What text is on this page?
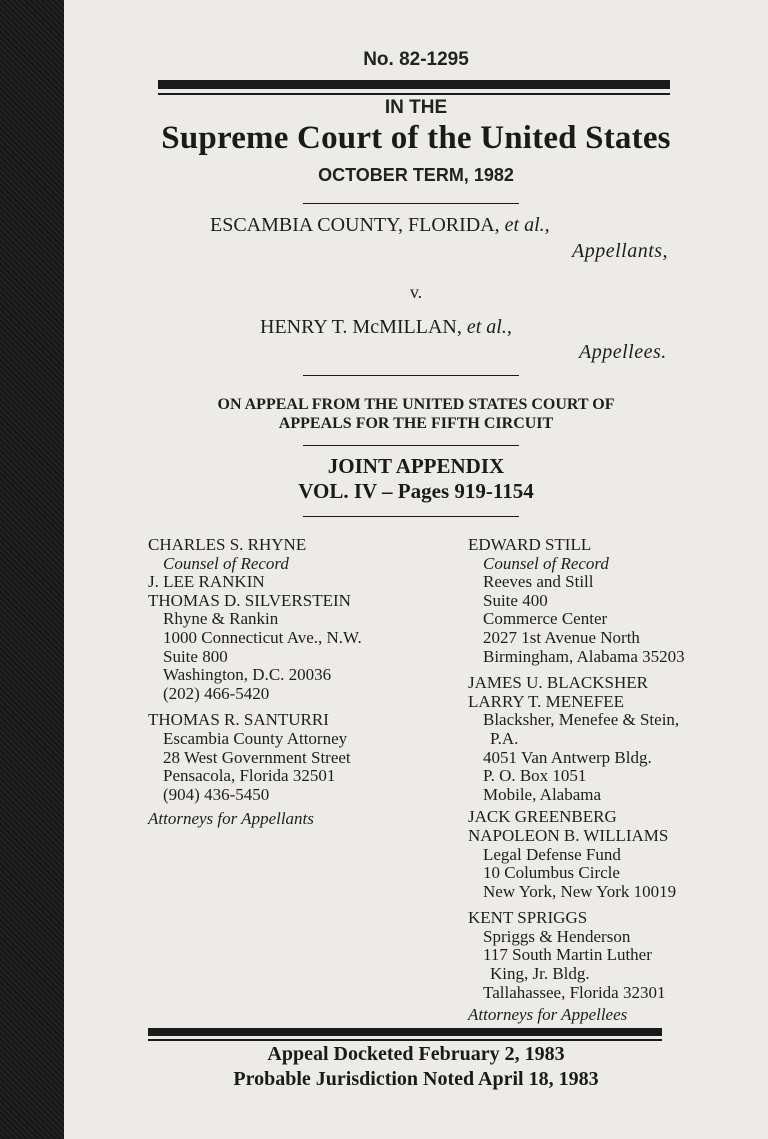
No. 82-1295
IN THE
Supreme Court of the United States
OCTOBER TERM, 1982
ESCAMBIA COUNTY, FLORIDA, et al.,
Appellants,
v.
HENRY T. McMILLAN, et al.,
Appellees.
ON APPEAL FROM THE UNITED STATES COURT OF
APPEALS FOR THE FIFTH CIRCUIT
JOINT APPENDIX
VOL. IV – Pages 919-1154
CHARLES S. RHYNE
Counsel of Record
J. LEE RANKIN
THOMAS D. SILVERSTEIN
Rhyne & Rankin
1000 Connecticut Ave., N.W.
Suite 800
Washington, D.C. 20036
(202) 466-5420
THOMAS R. SANTURRI
Escambia County Attorney
28 West Government Street
Pensacola, Florida 32501
(904) 436-5450
Attorneys for Appellants
EDWARD STILL
Counsel of Record
Reeves and Still
Suite 400
Commerce Center
2027 1st Avenue North
Birmingham, Alabama 35203
JAMES U. BLACKSHER
LARRY T. MENEFEE
Blacksher, Menefee & Stein,
P.A.
4051 Van Antwerp Bldg.
P. O. Box 1051
Mobile, Alabama
JACK GREENBERG
NAPOLEON B. WILLIAMS
Legal Defense Fund
10 Columbus Circle
New York, New York 10019
KENT SPRIGGS
Spriggs & Henderson
117 South Martin Luther
King, Jr. Bldg.
Tallahassee, Florida 32301
Attorneys for Appellees
Appeal Docketed February 2, 1983
Probable Jurisdiction Noted April 18, 1983
